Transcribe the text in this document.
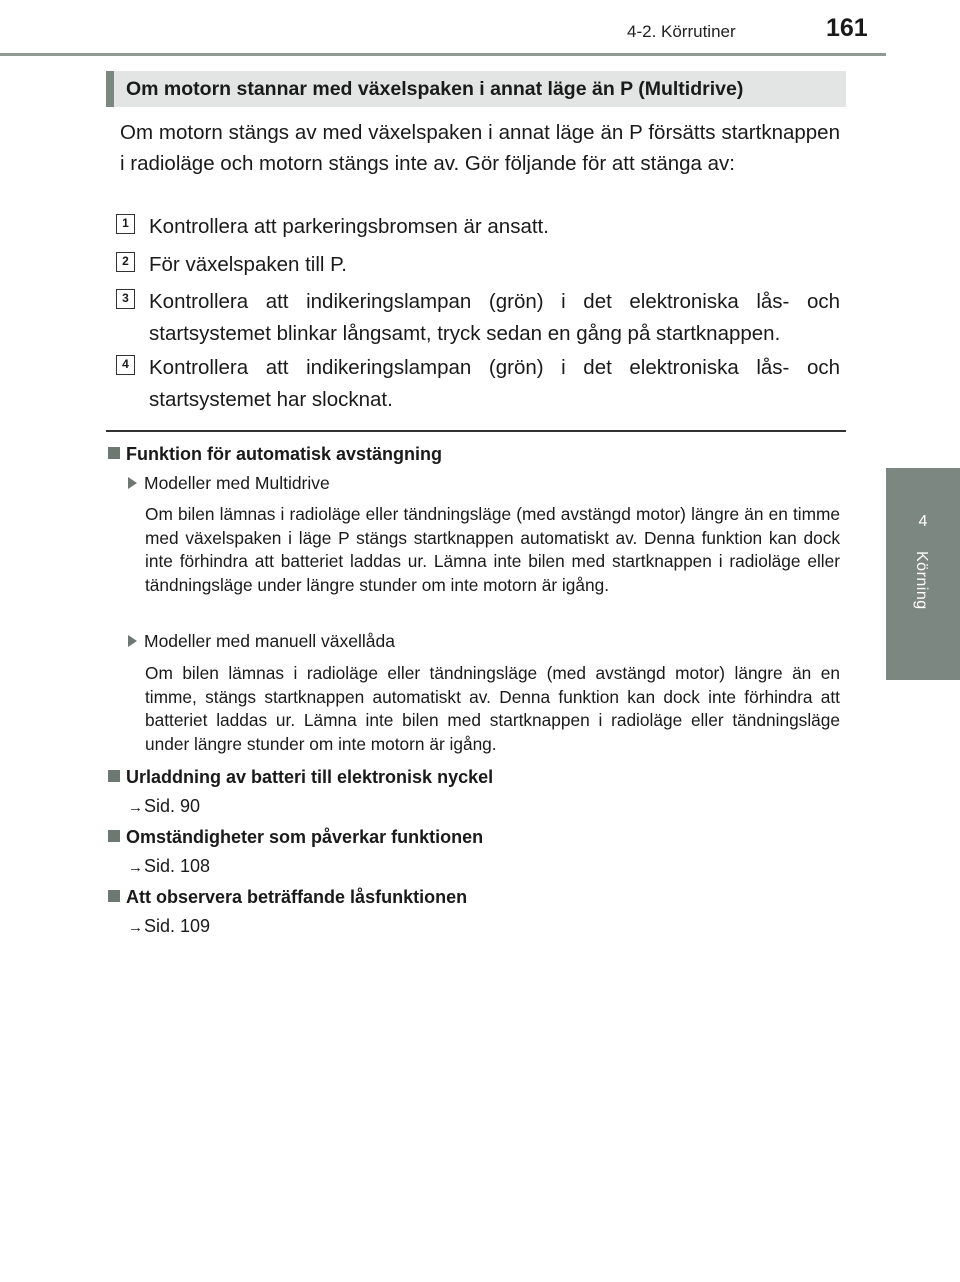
4-2. Körrutiner	161
4
Körning
Om motorn stannar med växelspaken i annat läge än P (Multidrive)
Om motorn stängs av med växelspaken i annat läge än P försätts startknappen i radioläge och motorn stängs inte av. Gör följande för att stänga av:
1 Kontrollera att parkeringsbromsen är ansatt.
2 För växelspaken till P.
3 Kontrollera att indikeringslampan (grön) i det elektroniska lås- och startsystemet blinkar långsamt, tryck sedan en gång på startknappen.
4 Kontrollera att indikeringslampan (grön) i det elektroniska lås- och startsystemet har slocknat.
Funktion för automatisk avstängning
Modeller med Multidrive
Om bilen lämnas i radioläge eller tändningsläge (med avstängd motor) längre än en timme med växelspaken i läge P stängs startknappen automatiskt av. Denna funktion kan dock inte förhindra att batteriet laddas ur. Lämna inte bilen med startknappen i radioläge eller tändningsläge under längre stunder om inte motorn är igång.
Modeller med manuell växellåda
Om bilen lämnas i radioläge eller tändningsläge (med avstängd motor) längre än en timme, stängs startknappen automatiskt av. Denna funktion kan dock inte förhindra att batteriet laddas ur. Lämna inte bilen med startknappen i radioläge eller tändningsläge under längre stunder om inte motorn är igång.
Urladdning av batteri till elektronisk nyckel
→Sid. 90
Omständigheter som påverkar funktionen
→Sid. 108
Att observera beträffande låsfunktionen
→Sid. 109
